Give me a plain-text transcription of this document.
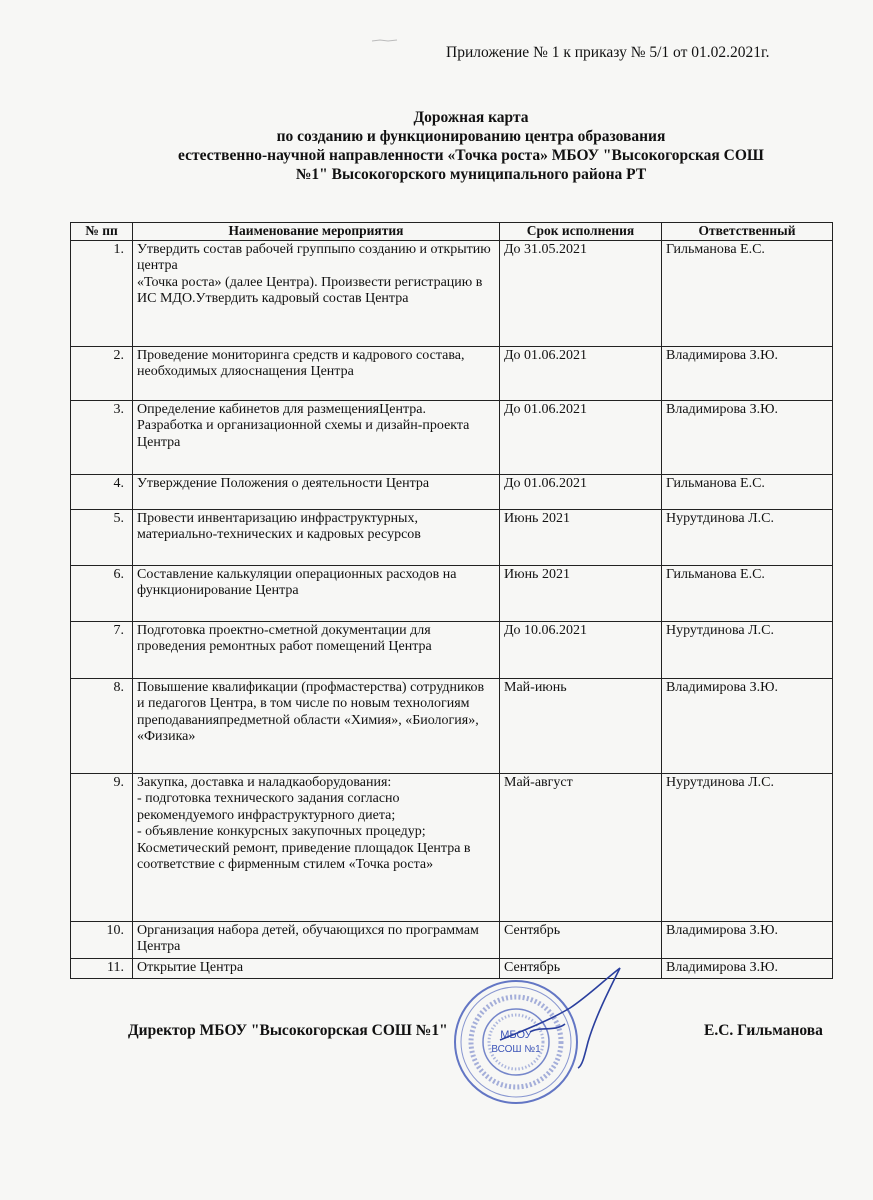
Приложение № 1 к приказу № 5/1 от 01.02.2021г.
Дорожная карта
по созданию и функционированию центра образования
естественно-научной направленности «Точка роста» МБОУ "Высокогорская СОШ
№1" Высокогорского муниципального района РТ
№ пп	Наименование мероприятия	Срок исполнения	Ответственный
1.	Утвердить состав рабочей группыпо созданию и открытию центра
«Точка роста» (далее Центра). Произвести регистрацию в ИС МДО.Утвердить кадровый состав Центра	До 31.05.2021	Гильманова Е.С.
2.	Проведение мониторинга средств и кадрового состава, необходимых дляоснащения Центра	До 01.06.2021	Владимирова З.Ю.
3.	Определение кабинетов для размещенияЦентра. Разработка и организационной схемы и дизайн-проекта Центра	До 01.06.2021	Владимирова З.Ю.
4.	Утверждение Положения о деятельности Центра	До 01.06.2021	Гильманова Е.С.
5.	Провести инвентаризацию инфраструктурных, материально-технических и кадровых ресурсов	Июнь 2021	Нурутдинова Л.С.
6.	Составление калькуляции операционных расходов на функционирование Центра	Июнь 2021	Гильманова Е.С.
7.	Подготовка проектно-сметной документации для проведения ремонтных работ помещений Центра	До 10.06.2021	Нурутдинова Л.С.
8.	Повышение квалификации (профмастерства) сотрудников и педагогов Центра, в том числе по новым технологиям преподаванияпредметной области «Химия», «Биология», «Физика»	Май-июнь	Владимирова З.Ю.
9.	Закупка, доставка и наладкаоборудования:
- подготовка технического задания согласно рекомендуемого инфраструктурного диета;
- объявление конкурсных закупочных процедур;
Косметический ремонт, приведение площадок Центра в соответствие с фирменным стилем «Точка роста»	Май-август	Нурутдинова Л.С.
10.	Организация набора детей, обучающихся по программам Центра	Сентябрь	Владимирова З.Ю.
11.	Открытие Центра	Сентябрь	Владимирова З.Ю.
Директор МБОУ "Высокогорская СОШ №1"	Е.С. Гильманова
МБОУ
ВСОШ №1
